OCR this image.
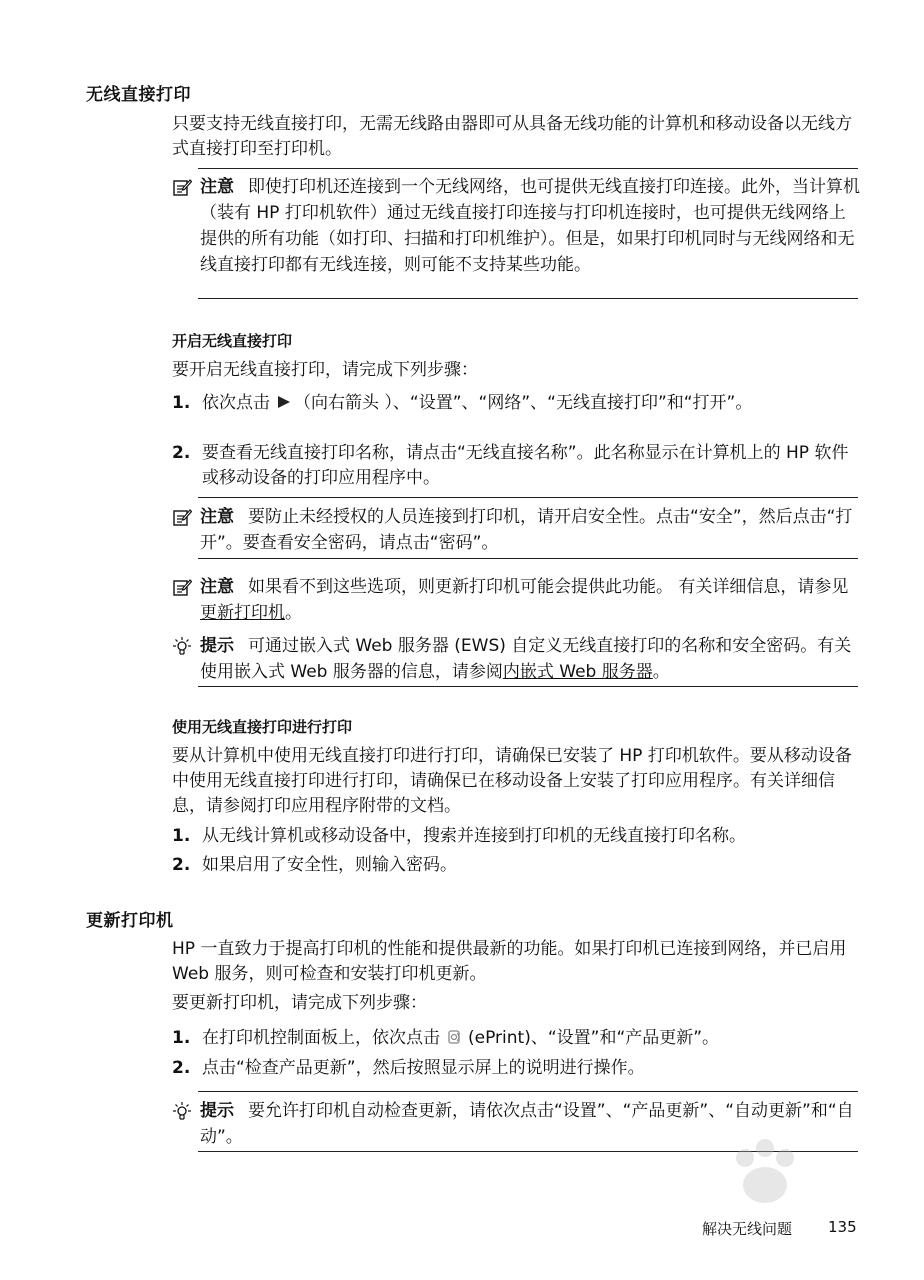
无线直接打印
只要支持无线直接打印，无需无线路由器即可从具备无线功能的计算机和移动设备以无线方式直接打印至打印机。
注意 即使打印机还连接到一个无线网络，也可提供无线直接打印连接。此外，当计算机（装有 HP 打印机软件）通过无线直接打印连接与打印机连接时，也可提供无线网络上提供的所有功能（如打印、扫描和打印机维护）。但是，如果打印机同时与无线网络和无线直接打印都有无线连接，则可能不支持某些功能。
开启无线直接打印
要开启无线直接打印，请完成下列步骤：
1. 依次点击 （向右箭头 ）、“设置”、“网络”、“无线直接打印”和“打开”。
2. 要查看无线直接打印名称，请点击“无线直接名称”。此名称显示在计算机上的 HP 软件或移动设备的打印应用程序中。
注意 要防止未经授权的人员连接到打印机，请开启安全性。点击“安全”，然后点击“打开”。要查看安全密码，请点击“密码”。
注意 如果看不到这些选项，则更新打印机可能会提供此功能。 有关详细信息，请参见更新打印机。
提示 可通过嵌入式 Web 服务器 (EWS) 自定义无线直接打印的名称和安全密码。有关使用嵌入式 Web 服务器的信息，请参阅内嵌式 Web 服务器。
使用无线直接打印进行打印
要从计算机中使用无线直接打印进行打印，请确保已安装了 HP 打印机软件。要从移动设备中使用无线直接打印进行打印，请确保已在移动设备上安装了打印应用程序。有关详细信息，请参阅打印应用程序附带的文档。
1. 从无线计算机或移动设备中，搜索并连接到打印机的无线直接打印名称。
2. 如果启用了安全性，则输入密码。
更新打印机
HP 一直致力于提高打印机的性能和提供最新的功能。如果打印机已连接到网络，并已启用 Web 服务，则可检查和安装打印机更新。
要更新打印机，请完成下列步骤：
1. 在打印机控制面板上，依次点击 (ePrint)、“设置”和“产品更新”。
2. 点击“检查产品更新”，然后按照显示屏上的说明进行操作。
提示 要允许打印机自动检查更新，请依次点击“设置”、“产品更新”、“自动更新”和“自动”。
解决无线问题 135
